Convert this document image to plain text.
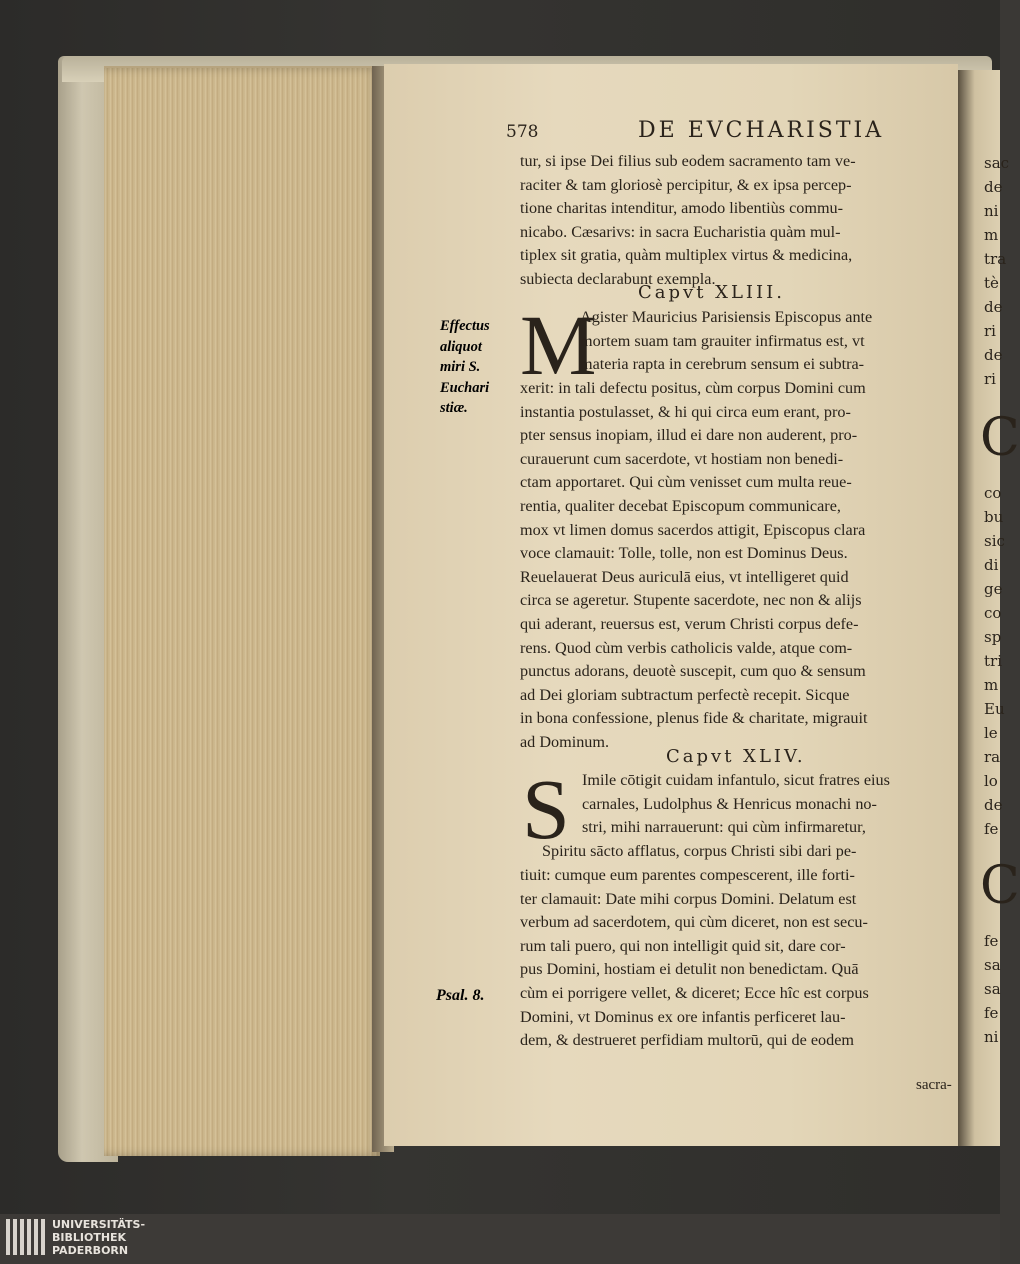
578	DE EVCHARISTIA
tur, si ipse Dei filius sub eodem sacramento tam ve-
raciter & tam gloriosè percipitur, & ex ipsa percep-
tione charitas intenditur, amodo libentiùs commu-
nicabo. Cæsarivs: in sacra Eucharistia quàm mul-
tiplex sit gratia, quàm multiplex virtus & medicina,
subiecta declarabunt exempla.
Capvt XLIII.
M
Agister Mauricius Parisiensis Episcopus ante
mortem suam tam grauiter infirmatus est, vt
materia rapta in cerebrum sensum ei subtra-
xerit: in tali defectu positus, cùm corpus Domini cum
instantia postulasset, & hi qui circa eum erant, pro-
pter sensus inopiam, illud ei dare non auderent, pro-
curauerunt cum sacerdote, vt hostiam non benedi-
ctam apportaret. Qui cùm venisset cum multa reue-
rentia, qualiter decebat Episcopum communicare,
mox vt limen domus sacerdos attigit, Episcopus clara
voce clamauit: Tolle, tolle, non est Dominus Deus.
Reuelauerat Deus auriculā eius, vt intelligeret quid
circa se ageretur. Stupente sacerdote, nec non & alijs
qui aderant, reuersus est, verum Christi corpus defe-
rens. Quod cùm verbis catholicis valde, atque com-
punctus adorans, deuotè suscepit, cum quo & sensum
ad Dei gloriam subtractum perfectè recepit. Sicque
in bona confessione, plenus fide & charitate, migrauit
ad Dominum.
Capvt XLIV.
S Imile cōtigit cuidam infantulo, sicut fratres eius
carnales, Ludolphus & Henricus monachi no-
stri, mihi narrauerunt: qui cùm infirmaretur,
Spiritu sācto afflatus, corpus Christi sibi dari pe-
tiuit: cumque eum parentes compescerent, ille forti-
ter clamauit: Date mihi corpus Domini. Delatum est
verbum ad sacerdotem, qui cùm diceret, non est secu-
rum tali puero, qui non intelligit quid sit, dare cor-
pus Domini, hostiam ei detulit non benedictam. Quā
cùm ei porrigere vellet, & diceret; Ecce hîc est corpus
Domini, vt Dominus ex ore infantis perficeret lau-
dem, & destrueret perfidiam multorū, qui de eodem
sacra-
Effectus
aliquot
miri S.
Euchari
stiæ.
Psal. 8.
sac
de
ni
m
tra
tè
de
ri
de
ri
C
co
bu
sic
di
ge
co
sp
tri
m
Eu
le
ra
lo
de
fe
C
fe
sa
sa
fe
ni
UNIVERSITÄTS-
BIBLIOTHEK
PADERBORN
